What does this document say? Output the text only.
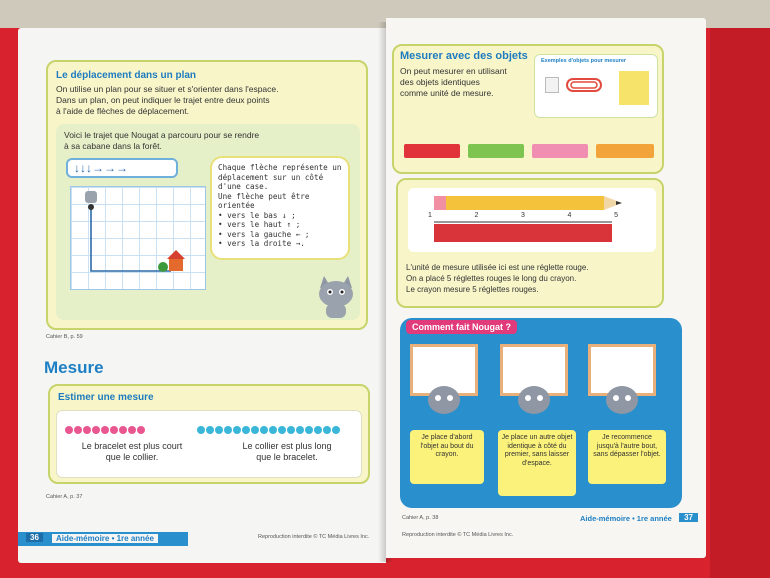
Le déplacement dans un plan
On utilise un plan pour se situer et s'orienter dans l'espace.
Dans un plan, on peut indiquer le trajet entre deux points
à l'aide de flèches de déplacement.
Voici le trajet que Nougat a parcouru pour se rendre
à sa cabane dans la forêt.
↓↓↓→→→	Chaque flèche représente un
déplacement sur un côté d'une case.
Une flèche peut être orientée
• vers le bas ↓ ;
• vers le haut ↑ ;
• vers la gauche ← ;
• vers la droite →.
Cahier B, p. 59
Mesure
Estimer une mesure
Le bracelet est plus court
que le collier.
Le collier est plus long
que le bracelet.
Cahier A, p. 37
36	Aide-mémoire • 1re année	Reproduction interdite © TC Média Livres Inc.
Mesurer avec des objets
On peut mesurer en utilisant
des objets identiques
comme unité de mesure.
Exemples d'objets pour mesurer
1	2	3	4	5
L'unité de mesure utilisée ici est une réglette rouge.
On a placé 5 réglettes rouges le long du crayon.
Le crayon mesure 5 réglettes rouges.
Comment fait Nougat ?
Je place d'abord l'objet au bout du crayon.
Je place un autre objet identique à côté du premier, sans laisser d'espace.
Je recommence jusqu'à l'autre bout, sans dépasser l'objet.
Cahier A, p. 38	Aide-mémoire • 1re année	37
Reproduction interdite © TC Média Livres Inc.
